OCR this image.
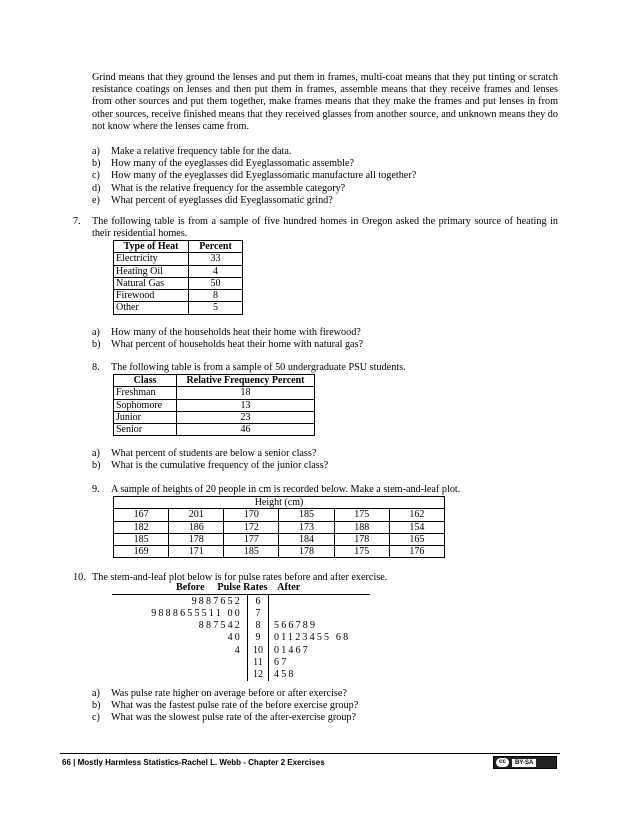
Grind means that they ground the lenses and put them in frames, multi-coat means that they put tinting or scratch resistance coatings on lenses and then put them in frames, assemble means that they receive frames and lenses from other sources and put them together, make frames means that they make the frames and put lenses in from other sources, receive finished means that they received glasses from another source, and unknown means they do not know where the lenses came from.
a)	Make a relative frequency table for the data.
b)	How many of the eyeglasses did Eyeglassomatic assemble?
c)	How many of the eyeglasses did Eyeglassomatic manufacture all together?
d)	What is the relative frequency for the assemble category?
e)	What percent of eyeglasses did Eyeglassomatic grind?
7. The following table is from a sample of five hundred homes in Oregon asked the primary source of heating in their residential homes.
Type of Heat	Percent
Electricity	33
Heating Oil	4
Natural Gas	50
Firewood	8
Other	5
a)	How many of the households heat their home with firewood?
b)	What percent of households heat their home with natural gas?
8. The following table is from a sample of 50 undergraduate PSU students.
Class	Relative Frequency Percent
Freshman	18
Sophomore	13
Junior	23
Senior	46
a)	What percent of students are below a senior class?
b)	What is the cumulative frequency of the junior class?
9. A sample of heights of 20 people in cm is recorded below. Make a stem-and-leaf plot.
Height (cm)					
167	201	170	185	175	162
182	186	172	173	188	154
185	178	177	184	178	165
169	171	185	178	175	176
10. The stem-and-leaf plot below is for pulse rates before and after exercise.
Before Pulse Rates After
9887652	6	
9888655511 00	7	
887542	8	566789
40	9	01123455 68
4	10	01467
	11	67
	12	458
a)	Was pulse rate higher on average before or after exercise?
b)	What was the fastest pulse rate of the before exercise group?
c)	What was the slowest pulse rate of the after-exercise group?
66 | Mostly Harmless Statistics-Rachel L. Webb - Chapter 2 Exercises	cc	BY-SA
